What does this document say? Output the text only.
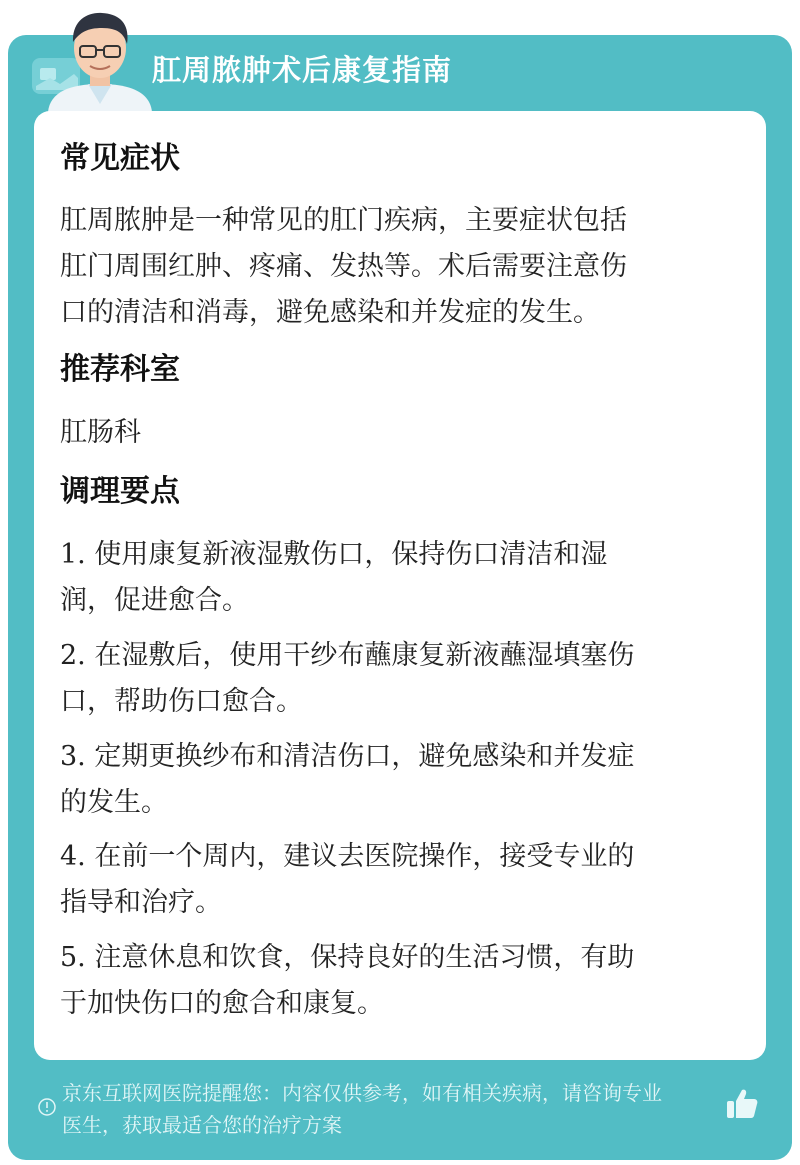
肛周脓肿术后康复指南
常见症状
肛周脓肿是一种常见的肛门疾病，主要症状包括
肛门周围红肿、疼痛、发热等。术后需要注意伤
口的清洁和消毒，避免感染和并发症的发生。
推荐科室
肛肠科
调理要点
1. 使用康复新液湿敷伤口，保持伤口清洁和湿
润，促进愈合。
2. 在湿敷后，使用干纱布蘸康复新液蘸湿填塞伤
口，帮助伤口愈合。
3. 定期更换纱布和清洁伤口，避免感染和并发症
的发生。
4. 在前一个周内，建议去医院操作，接受专业的
指导和治疗。
5. 注意休息和饮食，保持良好的生活习惯，有助
于加快伤口的愈合和康复。
京东互联网医院提醒您：内容仅供参考，如有相关疾病，请咨询专业
医生，获取最适合您的治疗方案
